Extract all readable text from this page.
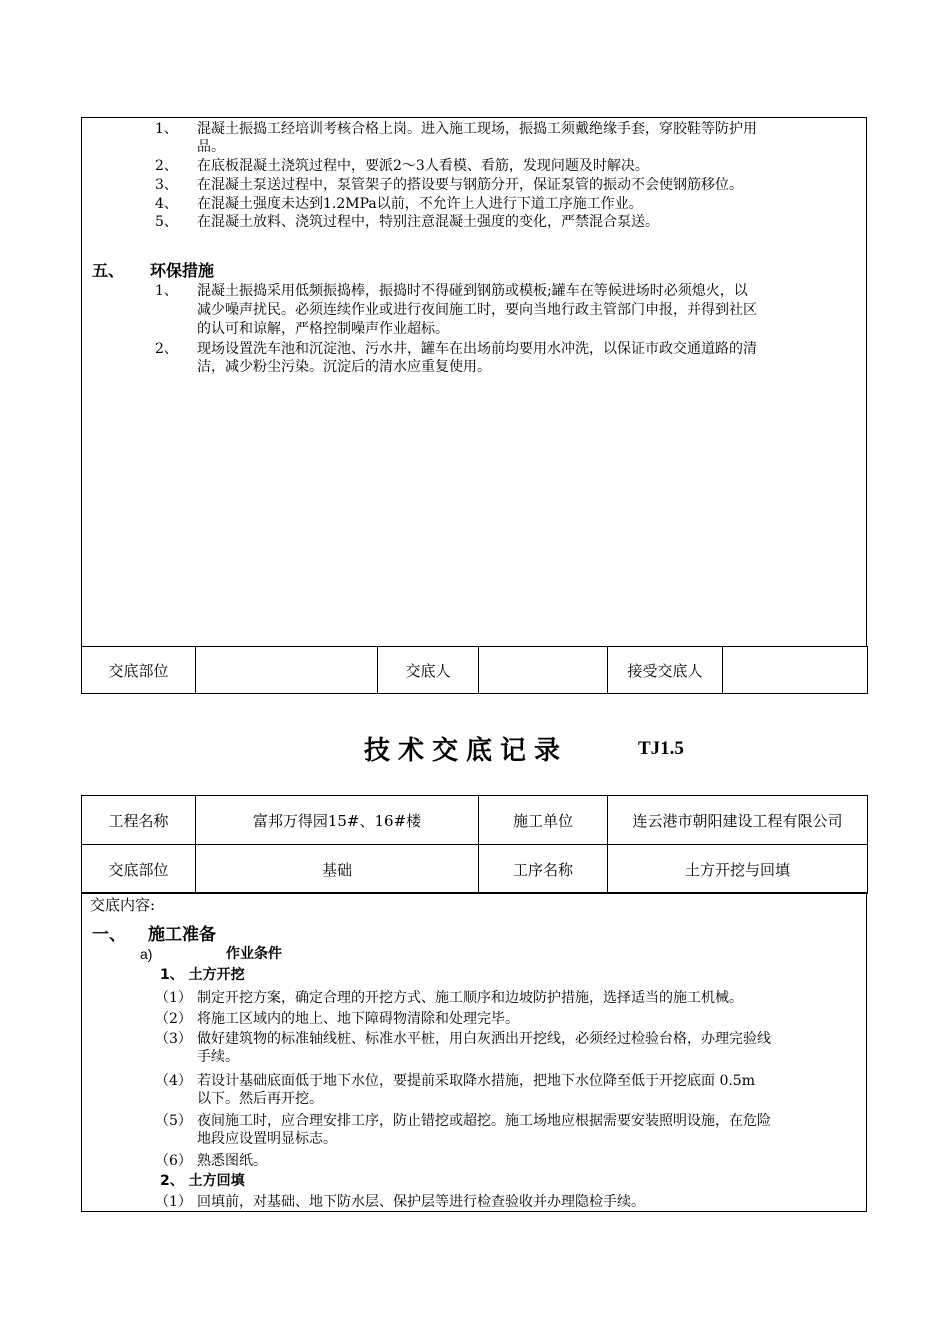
1、 混凝土振捣工经培训考核合格上岗。进入施工现场，振捣工须戴绝缘手套，穿胶鞋等防护用
品。
2、 在底板混凝土浇筑过程中，要派2～3人看模、看筋，发现问题及时解决。
3、 在混凝土泵送过程中，泵管架子的搭设要与钢筋分开，保证泵管的振动不会使钢筋移位。
4、 在混凝土强度未达到1.2MPa以前，不允许上人进行下道工序施工作业。
5、 在混凝土放料、浇筑过程中，特别注意混凝土强度的变化，严禁混合泵送。
五、 环保措施
1、 混凝土振捣采用低频振捣棒，振捣时不得碰到钢筋或模板;罐车在等候进场时必须熄火，以
减少噪声扰民。必须连续作业或进行夜间施工时，要向当地行政主管部门申报，并得到社区
的认可和谅解，严格控制噪声作业超标。
2、 现场设置洗车池和沉淀池、污水井，罐车在出场前均要用水冲洗，以保证市政交通道路的清
洁，减少粉尘污染。沉淀后的清水应重复使用。
交底部位		交底人		接受交底人	
技术交底记录	TJ1.5
工程名称	富邦万得园15#、16#楼	施工单位	连云港市朝阳建设工程有限公司
交底部位	基础	工序名称	土方开挖与回填
交底内容:
一、 施工准备
a)	作业条件
1、 土方开挖
（1） 制定开挖方案，确定合理的开挖方式、施工顺序和边坡防护措施，选择适当的施工机械。
（2） 将施工区域内的地上、地下障碍物清除和处理完毕。
（3） 做好建筑物的标准轴线桩、标准水平桩，用白灰洒出开挖线，必须经过检验台格，办理完验线
手续。
（4） 若设计基础底面低于地下水位，要提前采取降水措施，把地下水位降至低于开挖底面 0.5m
以下。然后再开挖。
（5） 夜间施工时，应合理安排工序，防止错挖或超挖。施工场地应根据需要安装照明设施，在危险
地段应设置明显标志。
（6） 熟悉图纸。
2、 土方回填
（1） 回填前，对基础、地下防水层、保护层等进行检查验收并办理隐检手续。
